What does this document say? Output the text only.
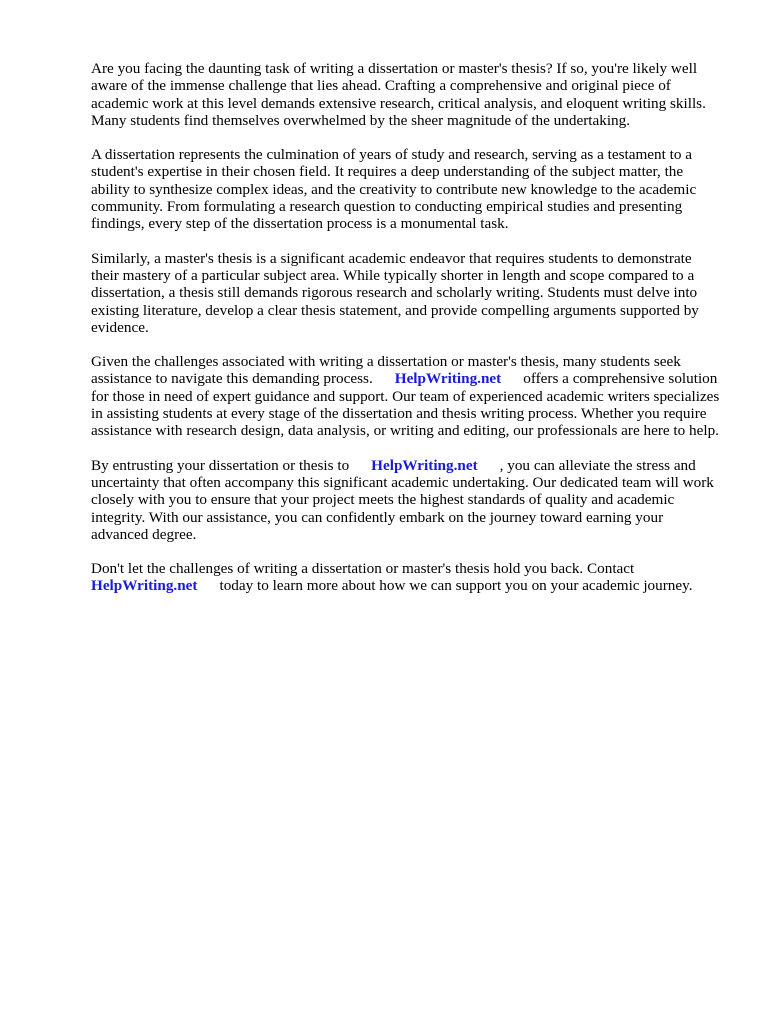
Are you facing the daunting task of writing a dissertation or master's thesis? If so, you're likely well aware of the immense challenge that lies ahead. Crafting a comprehensive and original piece of academic work at this level demands extensive research, critical analysis, and eloquent writing skills. Many students find themselves overwhelmed by the sheer magnitude of the undertaking.

A dissertation represents the culmination of years of study and research, serving as a testament to a student's expertise in their chosen field. It requires a deep understanding of the subject matter, the ability to synthesize complex ideas, and the creativity to contribute new knowledge to the academic community. From formulating a research question to conducting empirical studies and presenting findings, every step of the dissertation process is a monumental task.

Similarly, a master's thesis is a significant academic endeavor that requires students to demonstrate their mastery of a particular subject area. While typically shorter in length and scope compared to a dissertation, a thesis still demands rigorous research and scholarly writing. Students must delve into existing literature, develop a clear thesis statement, and provide compelling arguments supported by evidence.

Given the challenges associated with writing a dissertation or master's thesis, many students seek assistance to navigate this demanding process. HelpWriting.net offers a comprehensive solution for those in need of expert guidance and support. Our team of experienced academic writers specializes in assisting students at every stage of the dissertation and thesis writing process. Whether you require assistance with research design, data analysis, or writing and editing, our professionals are here to help.

By entrusting your dissertation or thesis to HelpWriting.net , you can alleviate the stress and uncertainty that often accompany this significant academic undertaking. Our dedicated team will work closely with you to ensure that your project meets the highest standards of quality and academic integrity. With our assistance, you can confidently embark on the journey toward earning your advanced degree.

Don't let the challenges of writing a dissertation or master's thesis hold you back. Contact HelpWriting.net today to learn more about how we can support you on your academic journey.
